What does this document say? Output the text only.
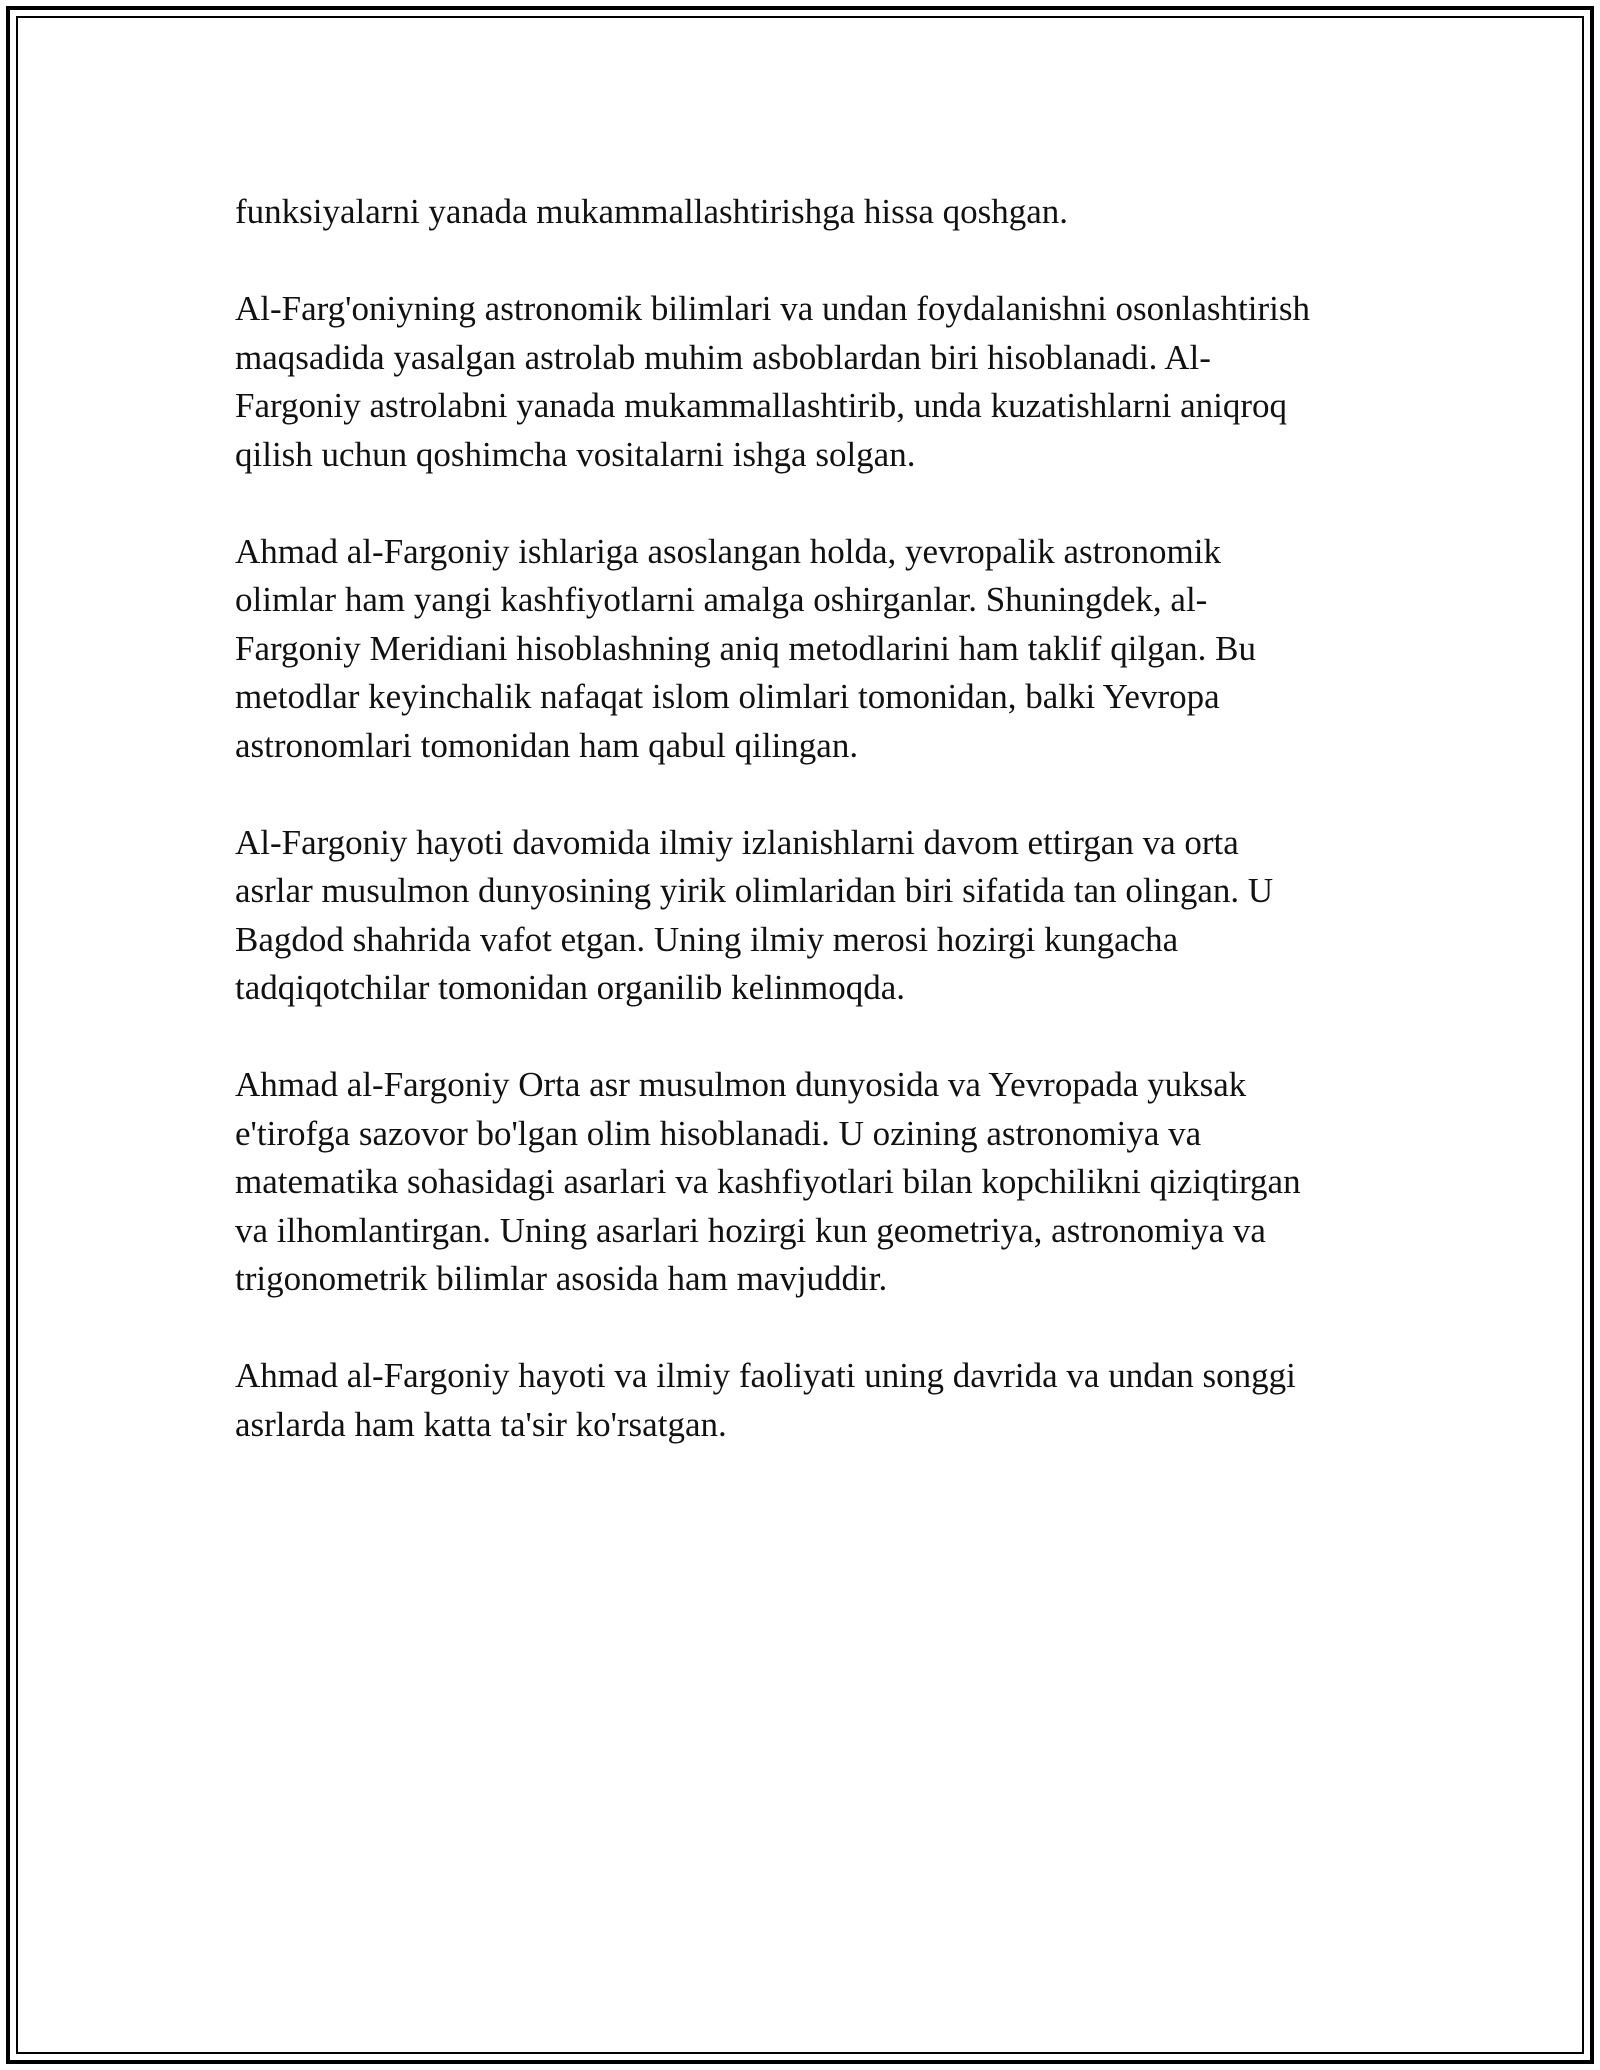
funksiyalarni yanada mukammallashtirishga hissa qoshgan.

Al-Farg'oniyning astronomik bilimlari va undan foydalanishni osonlashtirish
maqsadida yasalgan astrolab muhim asboblardan biri hisoblanadi. Al-
Fargoniy astrolabni yanada mukammallashtirib, unda kuzatishlarni aniqroq
qilish uchun qoshimcha vositalarni ishga solgan.

Ahmad al-Fargoniy ishlariga asoslangan holda, yevropalik astronomik
olimlar ham yangi kashfiyotlarni amalga oshirganlar. Shuningdek, al-
Fargoniy Meridiani hisoblashning aniq metodlarini ham taklif qilgan. Bu
metodlar keyinchalik nafaqat islom olimlari tomonidan, balki Yevropa
astronomlari tomonidan ham qabul qilingan.

Al-Fargoniy hayoti davomida ilmiy izlanishlarni davom ettirgan va orta
asrlar musulmon dunyosining yirik olimlaridan biri sifatida tan olingan. U
Bagdod shahrida vafot etgan. Uning ilmiy merosi hozirgi kungacha
tadqiqotchilar tomonidan organilib kelinmoqda.

Ahmad al-Fargoniy Orta asr musulmon dunyosida va Yevropada yuksak
e'tirofga sazovor bo'lgan olim hisoblanadi. U ozining astronomiya va
matematika sohasidagi asarlari va kashfiyotlari bilan kopchilikni qiziqtirgan
va ilhomlantirgan. Uning asarlari hozirgi kun geometriya, astronomiya va
trigonometrik bilimlar asosida ham mavjuddir.

Ahmad al-Fargoniy hayoti va ilmiy faoliyati uning davrida va undan songgi
asrlarda ham katta ta'sir ko'rsatgan.
